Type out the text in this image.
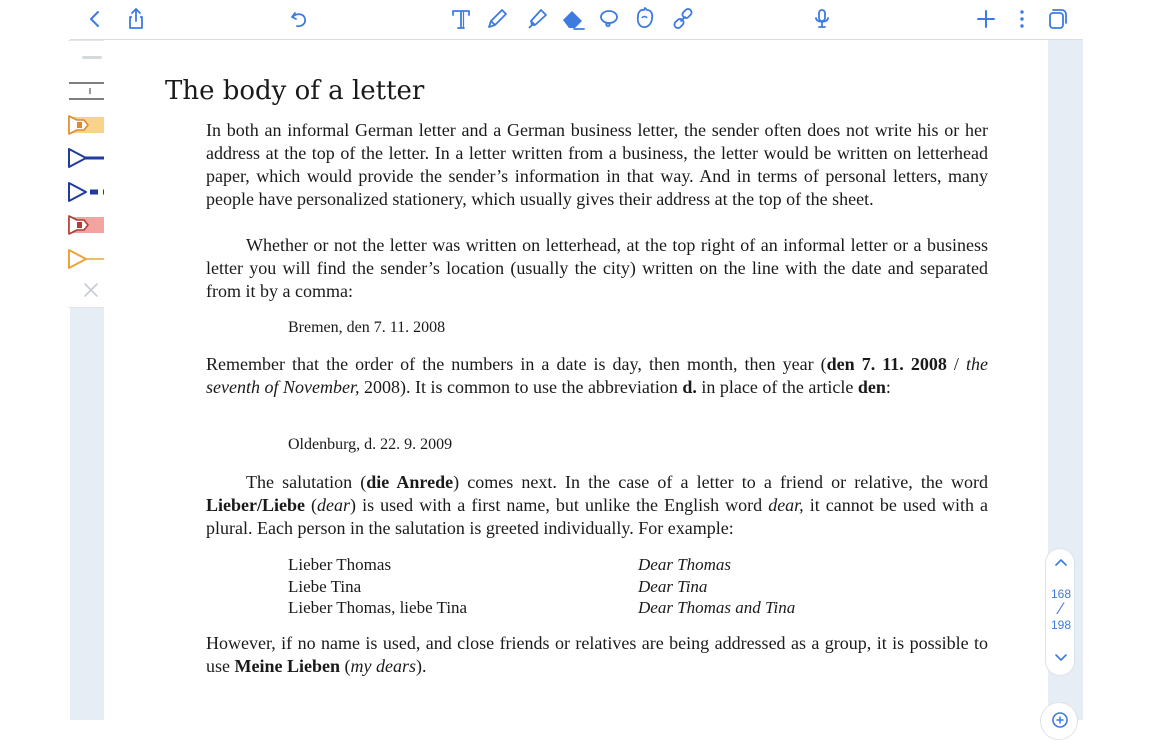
The body of a letter

In both an informal German letter and a German business letter, the sender often does not write his or her address at the top of the letter. In a letter written from a business, the letter would be written on letterhead paper, which would provide the sender’s information in that way. And in terms of personal letters, many people have personalized stationery, which usually gives their address at the top of the sheet.

Whether or not the letter was written on letterhead, at the top right of an informal letter or a business letter you will find the sender’s location (usually the city) written on the line with the date and separated from it by a comma:

Bremen, den 7. 11. 2008

Remember that the order of the numbers in a date is day, then month, then year (den 7. 11. 2008 / the seventh of November, 2008). It is common to use the abbreviation d. in place of the article den:

Oldenburg, d. 22. 9. 2009

The salutation (die Anrede) comes next. In the case of a letter to a friend or relative, the word Lieber/Liebe (dear) is used with a first name, but unlike the English word dear, it cannot be used with a plural. Each person in the salutation is greeted individually. For example:

Lieber Thomas	Dear Thomas
Liebe Tina	Dear Tina
Lieber Thomas, liebe Tina	Dear Thomas and Tina

However, if no name is used, and close friends or relatives are being addressed as a group, it is possible to use Meine Lieben (my dears).

168
⁄
198
